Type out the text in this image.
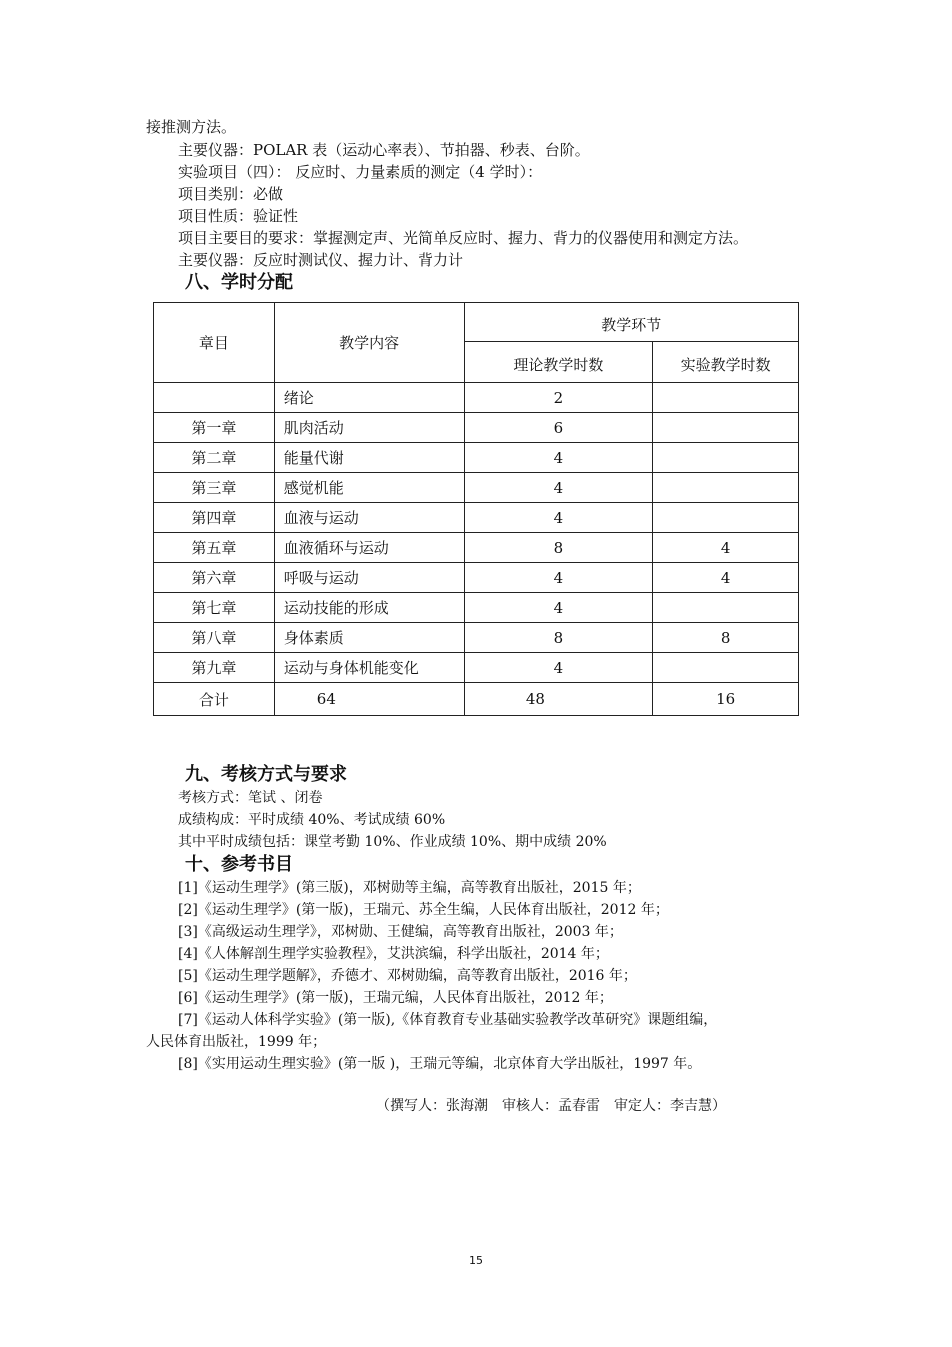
接推测方法。
主要仪器：POLAR 表（运动心率表）、节拍器、秒表、台阶。
实验项目（四）： 反应时、力量素质的测定（4 学时）：
项目类别：必做
项目性质：验证性
项目主要目的要求：掌握测定声、光简单反应时、握力、背力的仪器使用和测定方法。
主要仪器：反应时测试仪、握力计、背力计
八、学时分配
章目	教学内容	教学环节	
		理论教学时数	实验教学时数
	绪论	2	
第一章	肌肉活动	6	
第二章	能量代谢	4	
第三章	感觉机能	4	
第四章	血液与运动	4	
第五章	血液循环与运动	8	4
第六章	呼吸与运动	4	4
第七章	运动技能的形成	4	
第八章	身体素质	8	8
第九章	运动与身体机能变化	4	
合计	64	48	16
九、考核方式与要求
考核方式：笔试 、闭卷
成绩构成：平时成绩 40%、考试成绩 60%
其中平时成绩包括：课堂考勤 10%、作业成绩 10%、期中成绩 20%
十、参考书目
[1]《运动生理学》(第三版)，邓树勋等主编，高等教育出版社，2015 年；
[2]《运动生理学》(第一版)，王瑞元、苏全生编，人民体育出版社，2012 年；
[3]《高级运动生理学》，邓树勋、王健编，高等教育出版社，2003 年；
[4]《人体解剖生理学实验教程》，艾洪滨编，科学出版社，2014 年；
[5]《运动生理学题解》，乔德才、邓树勋编，高等教育出版社，2016 年；
[6]《运动生理学》(第一版)，王瑞元编，人民体育出版社，2012 年；
[7]《运动人体科学实验》(第一版),《体育教育专业基础实验教学改革研究》课题组编，
人民体育出版社，1999 年；
[8]《实用运动生理实验》(第一版 )，王瑞元等编，北京体育大学出版社，1997 年。
（撰写人：张海潮　审核人：孟春雷　审定人：李吉慧）
15
